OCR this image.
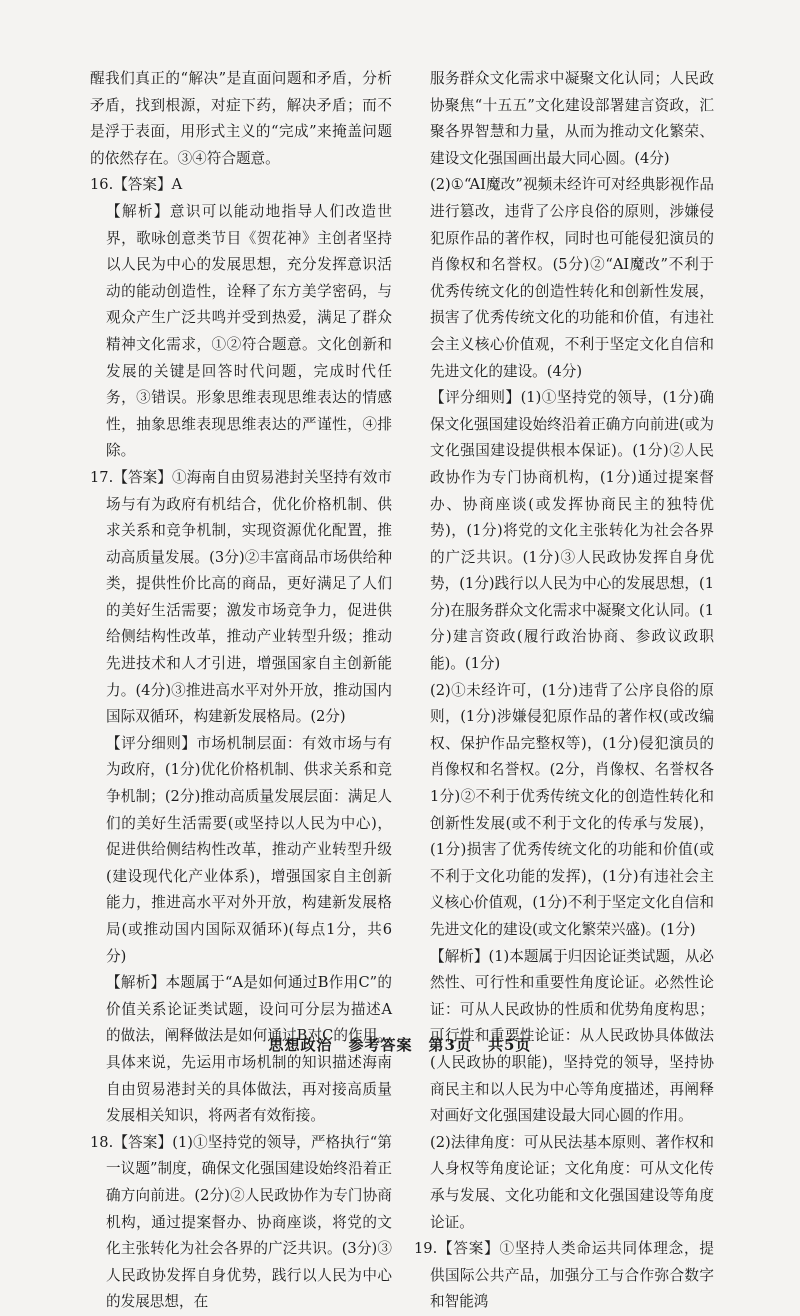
醒我们真正的“解决”是直面问题和矛盾，分析矛盾，找到根源，对症下药，解决矛盾；而不是浮于表面，用形式主义的“完成”来掩盖问题的依然存在。③④符合题意。

16.【答案】A

【解析】意识可以能动地指导人们改造世界，歌咏创意类节目《贺花神》主创者坚持以人民为中心的发展思想，充分发挥意识活动的能动创造性，诠释了东方美学密码，与观众产生广泛共鸣并受到热爱，满足了群众精神文化需求，①②符合题意。文化创新和发展的关键是回答时代问题，完成时代任务，③错误。形象思维表现思维表达的情感性，抽象思维表现思维表达的严谨性，④排除。

17.【答案】①海南自由贸易港封关坚持有效市场与有为政府有机结合，优化价格机制、供求关系和竞争机制，实现资源优化配置，推动高质量发展。(3分)②丰富商品市场供给种类，提供性价比高的商品，更好满足了人们的美好生活需要；激发市场竞争力，促进供给侧结构性改革，推动产业转型升级；推动先进技术和人才引进，增强国家自主创新能力。(4分)③推进高水平对外开放，推动国内国际双循环，构建新发展格局。(2分)

【评分细则】市场机制层面：有效市场与有为政府，(1分)优化价格机制、供求关系和竞争机制；(2分)推动高质量发展层面：满足人们的美好生活需要(或坚持以人民为中心)，促进供给侧结构性改革，推动产业转型升级(建设现代化产业体系)，增强国家自主创新能力，推进高水平对外开放，构建新发展格局(或推动国内国际双循环)(每点1分，共6分)

【解析】本题属于“A是如何通过B作用C”的价值关系论证类试题，设问可分层为描述A的做法，阐释做法是如何通过B对C的作用。具体来说，先运用市场机制的知识描述海南自由贸易港封关的具体做法，再对接高质量发展相关知识，将两者有效衔接。

18.【答案】(1)①坚持党的领导，严格执行“第一议题”制度，确保文化强国建设始终沿着正确方向前进。(2分)②人民政协作为专门协商机构，通过提案督办、协商座谈，将党的文化主张转化为社会各界的广泛共识。(3分)③人民政协发挥自身优势，践行以人民为中心的发展思想，在

服务群众文化需求中凝聚文化认同；人民政协聚焦“十五五”文化建设部署建言资政，汇聚各界智慧和力量，从而为推动文化繁荣、建设文化强国画出最大同心圆。(4分)

(2)①“AI魔改”视频未经许可对经典影视作品进行篡改，违背了公序良俗的原则，涉嫌侵犯原作品的著作权，同时也可能侵犯演员的肖像权和名誉权。(5分)②“AI魔改”不利于优秀传统文化的创造性转化和创新性发展，损害了优秀传统文化的功能和价值，有违社会主义核心价值观，不利于坚定文化自信和先进文化的建设。(4分)

【评分细则】(1)①坚持党的领导，(1分)确保文化强国建设始终沿着正确方向前进(或为文化强国建设提供根本保证)。(1分)②人民政协作为专门协商机构，(1分)通过提案督办、协商座谈(或发挥协商民主的独特优势)，(1分)将党的文化主张转化为社会各界的广泛共识。(1分)③人民政协发挥自身优势，(1分)践行以人民为中心的发展思想，(1分)在服务群众文化需求中凝聚文化认同。(1分)建言资政(履行政治协商、参政议政职能)。(1分)

(2)①未经许可，(1分)违背了公序良俗的原则，(1分)涉嫌侵犯原作品的著作权(或改编权、保护作品完整权等)，(1分)侵犯演员的肖像权和名誉权。(2分，肖像权、名誉权各1分)②不利于优秀传统文化的创造性转化和创新性发展(或不利于文化的传承与发展)，(1分)损害了优秀传统文化的功能和价值(或不利于文化功能的发挥)，(1分)有违社会主义核心价值观，(1分)不利于坚定文化自信和先进文化的建设(或文化繁荣兴盛)。(1分)

【解析】(1)本题属于归因论证类试题，从必然性、可行性和重要性角度论证。必然性论证：可从人民政协的性质和优势角度构思；可行性和重要性论证：从人民政协具体做法(人民政协的职能)，坚持党的领导，坚持协商民主和以人民为中心等角度描述，再阐释对画好文化强国建设最大同心圆的作用。

(2)法律角度：可从民法基本原则、著作权和人身权等角度论证；文化角度：可从文化传承与发展、文化功能和文化强国建设等角度论证。

19.【答案】①坚持人类命运共同体理念，提供国际公共产品，加强分工与合作弥合数字和智能鸿

思想政治　参考答案　第3页　共5页
